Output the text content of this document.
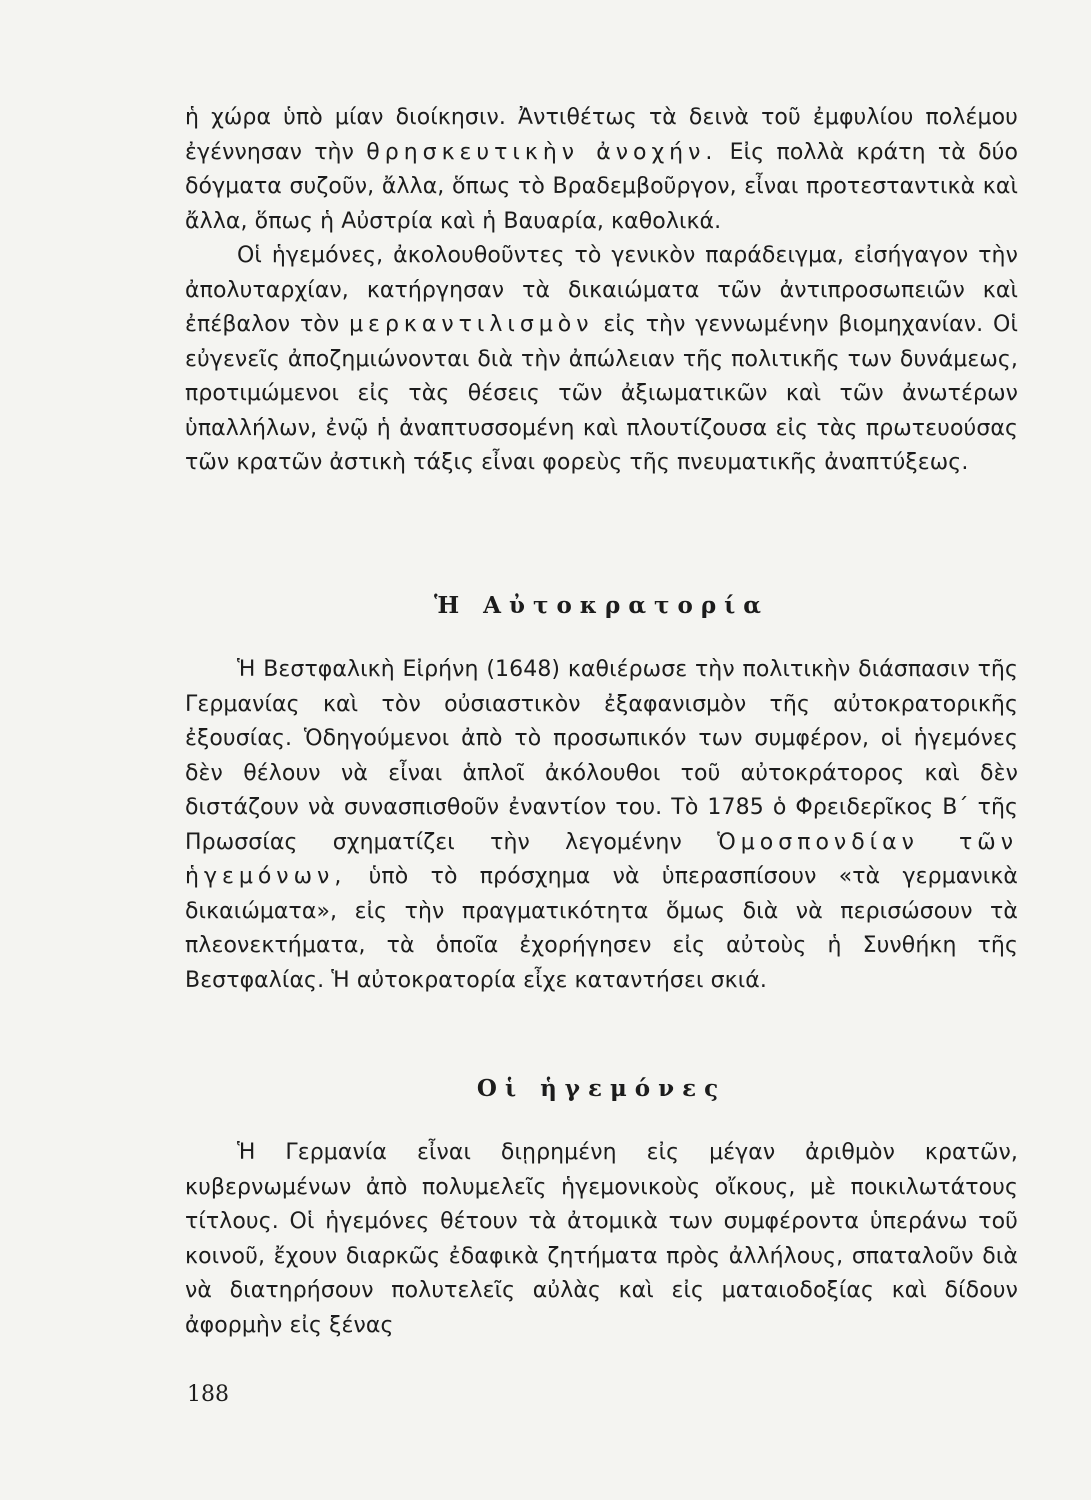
ἡ χώρα ὑπὸ μίαν διοίκησιν. Ἀντιθέτως τὰ δεινὰ τοῦ ἐμφυλίου πολέμου ἐγέννησαν τὴν θρησκευτικὴν ἀνοχήν. Εἰς πολλὰ κράτη τὰ δύο δόγματα συζοῦν, ἄλλα, ὅπως τὸ Βραδεμβοῦργον, εἶναι προτεσταντικὰ καὶ ἄλλα, ὅπως ἡ Αὐστρία καὶ ἡ Βαυαρία, καθολικά.

Οἱ ἡγεμόνες, ἀκολουθοῦντες τὸ γενικὸν παράδειγμα, εἰσήγαγον τὴν ἀπολυταρχίαν, κατήργησαν τὰ δικαιώματα τῶν ἀντιπροσωπειῶν καὶ ἐπέβαλον τὸν μερκαντιλισμὸν εἰς τὴν γεννωμένην βιομηχανίαν. Οἱ εὐγενεῖς ἀποζημιώνονται διὰ τὴν ἀπώλειαν τῆς πολιτικῆς των δυνάμεως, προτιμώμενοι εἰς τὰς θέσεις τῶν ἀξιωματικῶν καὶ τῶν ἀνωτέρων ὑπαλλήλων, ἐνῷ ἡ ἀναπτυσσομένη καὶ πλουτίζουσα εἰς τὰς πρωτευούσας τῶν κρατῶν ἀστικὴ τάξις εἶναι φορεὺς τῆς πνευματικῆς ἀναπτύξεως.

Ἡ Αὐτοκρατορία

Ἡ Βεστφαλικὴ Εἰρήνη (1648) καθιέρωσε τὴν πολιτικὴν διάσπασιν τῆς Γερμανίας καὶ τὸν οὐσιαστικὸν ἐξαφανισμὸν τῆς αὐτοκρατορικῆς ἐξουσίας. Ὁδηγούμενοι ἀπὸ τὸ προσωπικόν των συμφέρον, οἱ ἡγεμόνες δὲν θέλουν νὰ εἶναι ἁπλοῖ ἀκόλουθοι τοῦ αὐτοκράτορος καὶ δὲν διστάζουν νὰ συνασπισθοῦν ἐναντίον του. Τὸ 1785 ὁ Φρειδερῖκος Β΄ τῆς Πρωσσίας σχηματίζει τὴν λεγομένην Ὁμοσπονδίαν τῶν ἡγεμόνων, ὑπὸ τὸ πρόσχημα νὰ ὑπερασπίσουν «τὰ γερμανικὰ δικαιώματα», εἰς τὴν πραγματικότητα ὅμως διὰ νὰ περισώσουν τὰ πλεονεκτήματα, τὰ ὁποῖα ἐχορήγησεν εἰς αὐτοὺς ἡ Συνθήκη τῆς Βεστφαλίας. Ἡ αὐτοκρατορία εἶχε καταντήσει σκιά.

Οἱ ἡγεμόνες

Ἡ Γερμανία εἶναι διῃρημένη εἰς μέγαν ἀριθμὸν κρατῶν, κυβερνωμένων ἀπὸ πολυμελεῖς ἡγεμονικοὺς οἴκους, μὲ ποικιλωτάτους τίτλους. Οἱ ἡγεμόνες θέτουν τὰ ἀτομικὰ των συμφέροντα ὑπεράνω τοῦ κοινοῦ, ἔχουν διαρκῶς ἐδαφικὰ ζητήματα πρὸς ἀλλήλους, σπαταλοῦν διὰ νὰ διατηρήσουν πολυτελεῖς αὐλὰς καὶ εἰς ματαιοδοξίας καὶ δίδουν ἀφορμὴν εἰς ξένας

188
